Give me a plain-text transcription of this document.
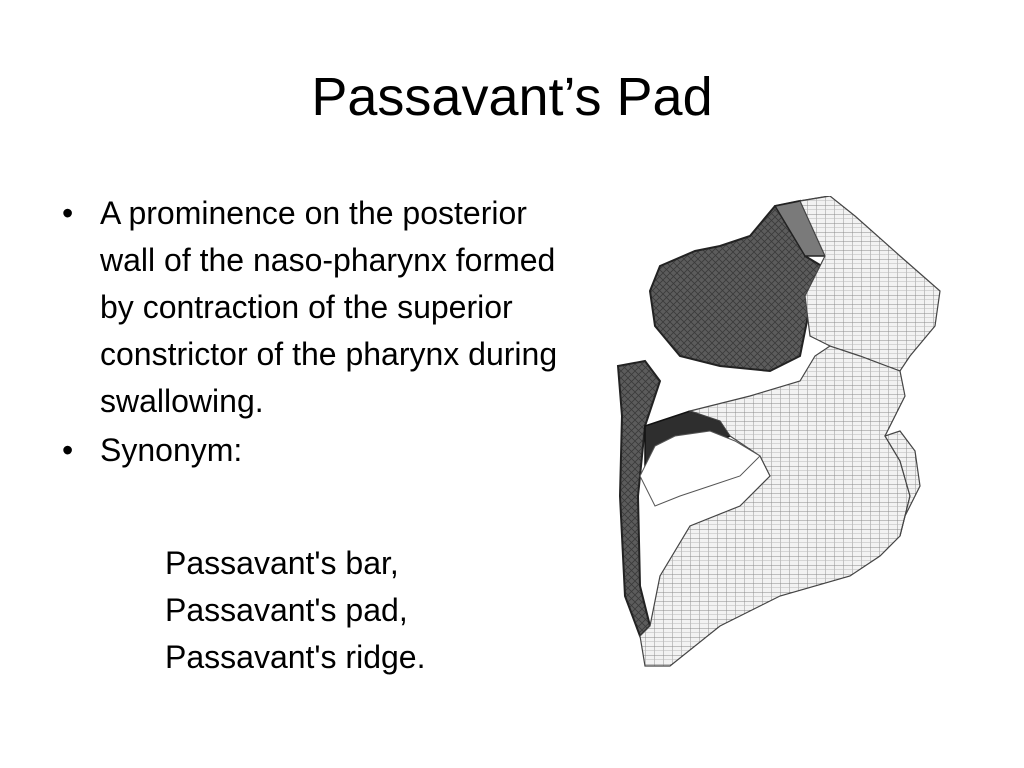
Passavant’s Pad
• A prominence on the posterior wall of the naso-pharynx formed by contraction of the superior constrictor of the pharynx during swallowing.
• Synonym:
Passavant's bar,
Passavant's pad,
Passavant's ridge.
